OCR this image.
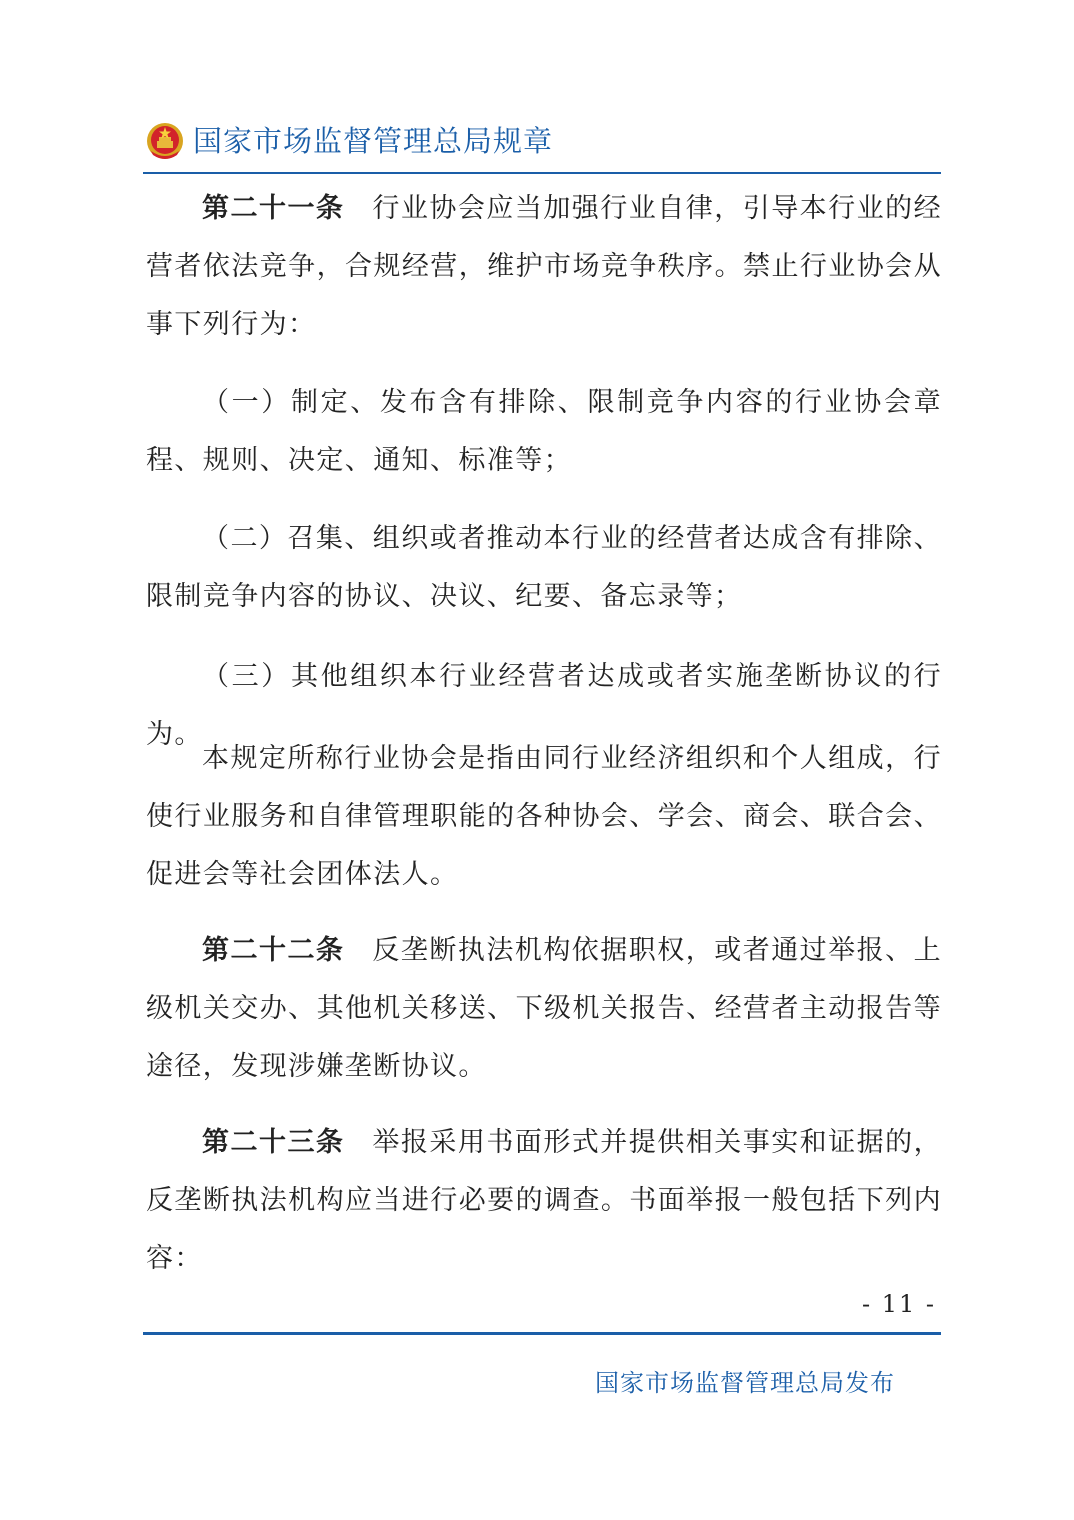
国家市场监督管理总局规章

第二十一条 行业协会应当加强行业自律，引导本行业的经营者依法竞争，合规经营，维护市场竞争秩序。禁止行业协会从事下列行为：

（一）制定、发布含有排除、限制竞争内容的行业协会章程、规则、决定、通知、标准等；

（二）召集、组织或者推动本行业的经营者达成含有排除、限制竞争内容的协议、决议、纪要、备忘录等；

（三）其他组织本行业经营者达成或者实施垄断协议的行为。

本规定所称行业协会是指由同行业经济组织和个人组成，行使行业服务和自律管理职能的各种协会、学会、商会、联合会、促进会等社会团体法人。

第二十二条 反垄断执法机构依据职权，或者通过举报、上级机关交办、其他机关移送、下级机关报告、经营者主动报告等途径，发现涉嫌垄断协议。

第二十三条 举报采用书面形式并提供相关事实和证据的，反垄断执法机构应当进行必要的调查。书面举报一般包括下列内容：

- 11 -
国家市场监督管理总局发布
